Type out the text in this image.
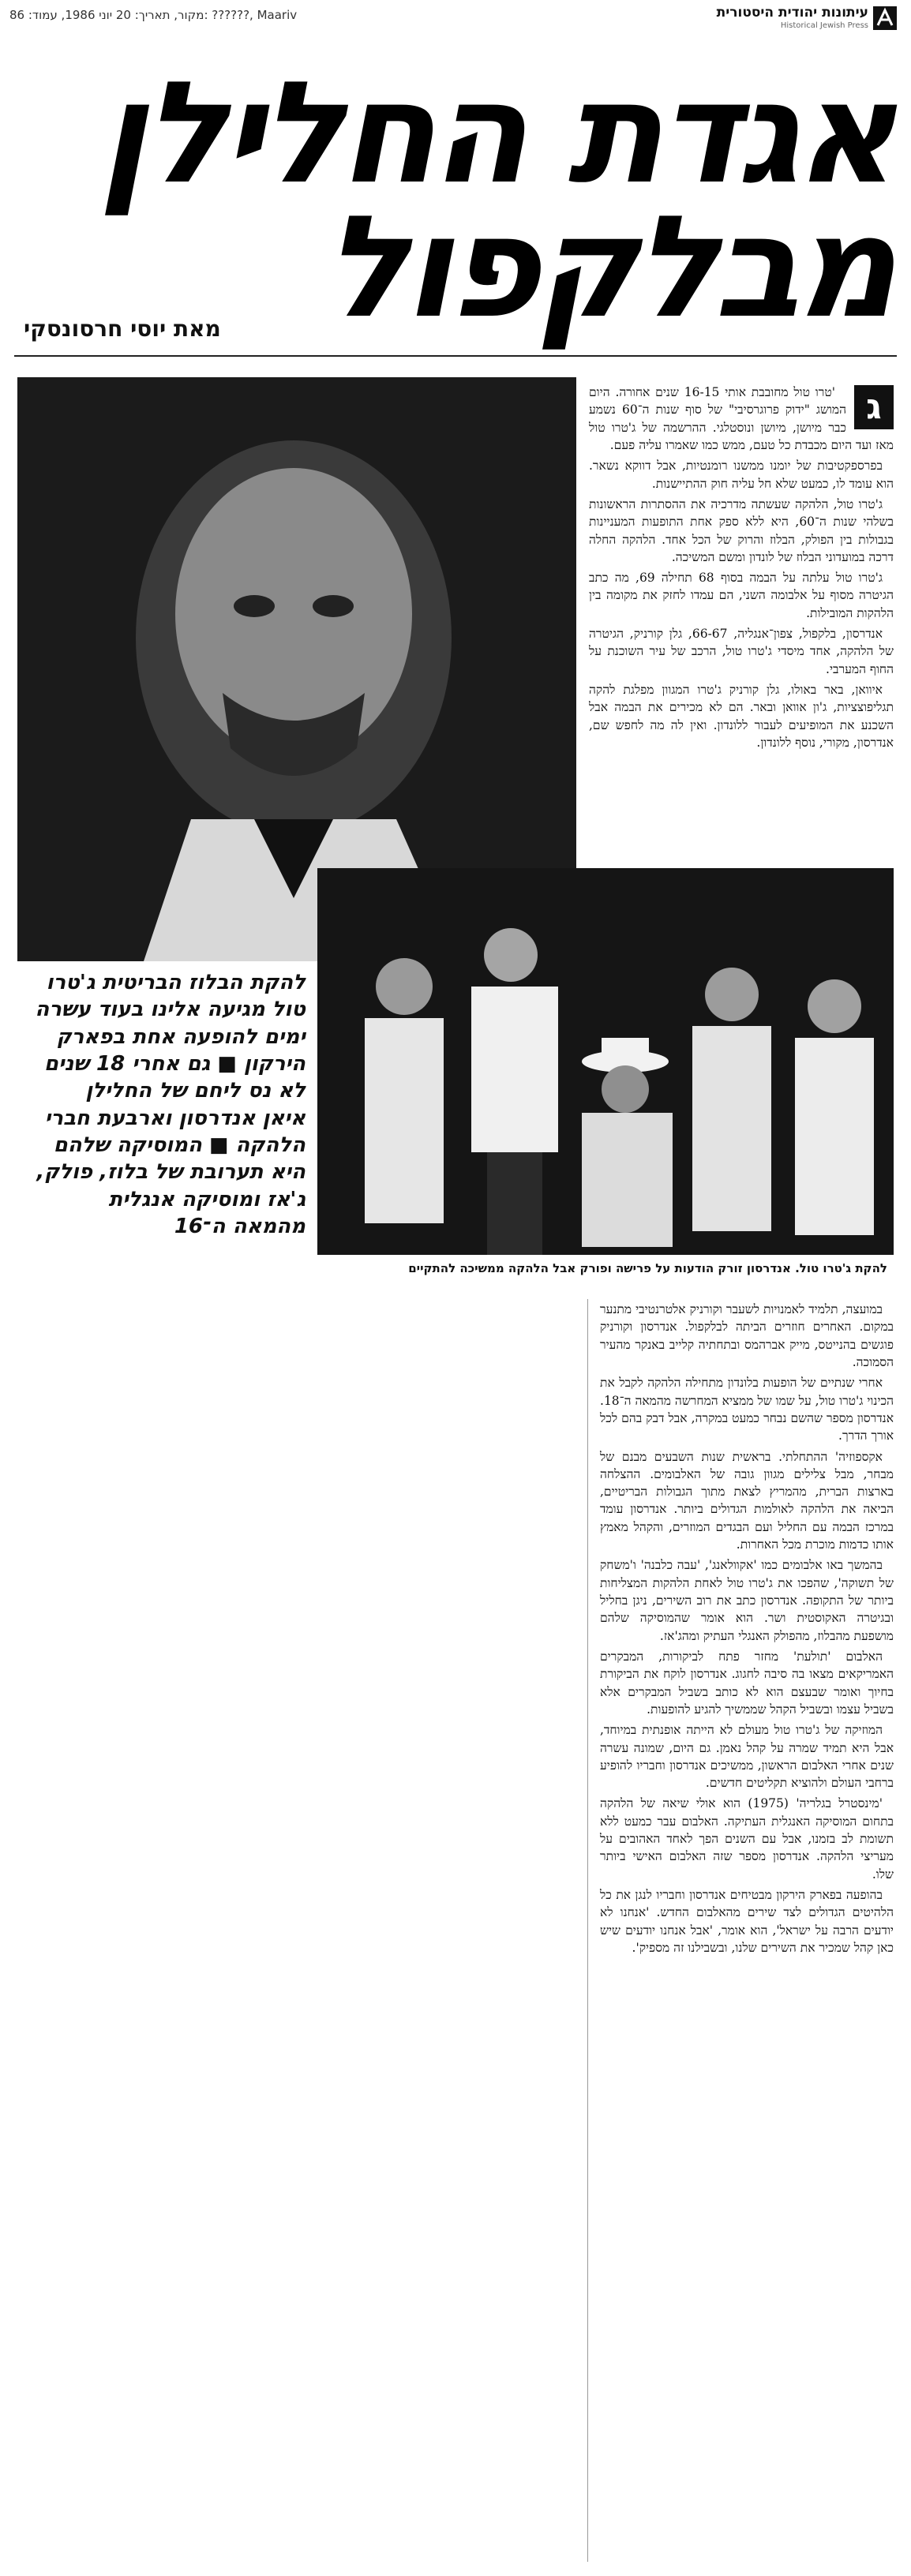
עיתונות יהודית היסטורית
Historical Jewish Press
Maariv ,?????? :מקור, תאריך: 20 יוני 1986, עמוד: 86
אגדת החלילן
מבלקפול
מאת יוסי חרסונסקי
ג

'טרו טול מחובבת אותי 16-15 שנים אחורה. היום המושג "ידוק פרוגרסיבי" של סוף שנות ה־60 נשמע כבר מיושן, מיושן ונוסטלגי. ההרשמה של ג'טרו טול מאז ועד היום מכבדת כל טעם, ממש כמו שאמרו עליה פעם.

בפרספקטיבות של יומנו ממשנו רומנטיות, אבל דווקא נשאר. הוא עומד לו, כמעט שלא חל עליה חוק ההתיישנות.

ג'טרו טול, הלהקה שעשתה מדרכיה את ההסתרות הראשונות בשלהי שנות ה־60, היא ללא ספק אחת התופעות המעניינות בגבולות בין הפולק, הבלוז והרוק של הכל אחד. הלהקה החלה דרכה במועדוני הבלוז של לונדון ומשם המשיכה.

ג'טרו טול עלתה על הבמה בסוף 68 תחילה 69, מה כתב הגיטרה מסוף על אלבומה השני, הם עמדו לחזק את מקומה בין הלהקות המובילות.

אנדרסון, בלקפול, צפון־אנגליה, 66-67, גלן קורניק, הגיטרה של הלהקה, אחד מיסדי ג'טרו טול, הרכב של עיר השוכנת על החוף המערבי.

איוואן, באר באולו, גלן קורניק ג'טרו המגוון מפלגת להקה תגליפוצציות, ג'ון אוואן ובאר. הם לא מכירים את הבמה אבל השכנע את המופיעים לעבור ללונדון. ואין לה מה לחפש שם, אנדרסון, מקורי, נוסף ללונדון.

להקת ג'טרו טול. אנדרסון זורק הודעות על פרישה ופורק אבל הלהקה ממשיכה להתקיים
להקת הבלוז הבריטית ג'טרו
טול מגיעה אלינו בעוד עשרה
ימים להופעה אחת בפארק
הירקון ■ גם אחרי 18 שנים
לא נס ליחם של החלילן
איאן אנדרסון וארבעת חברי
הלהקה ■ המוסיקה שלהם
היא תערובת של בלוז, פולק,
ג'אז ומוסיקה אנגלית
מהמאה ה־16

במועצה, תלמיד לאמנויות לשעבר וקורניק אלטרנטיבי מתנער במקום. האחרים חוזרים הביתה לבלקפול. אנדרסון וקורניק פוגשים בהנייטס, מייק אברהמס ובתחתיה קלייב באנקר מהעיר הסמוכה.

אחרי שנתיים של הופעות בלונדון מתחילה הלהקה לקבל את הכינוי ג'טרו טול, על שמו של ממציא המחרשה מהמאה ה־18. אנדרסון מספר שהשם נבחר כמעט במקרה, אבל דבק בהם לכל אורך הדרך.

אקספוזיה' ההתחלתי. בראשית שנות השבעים מבנם של מבחר, מבל צלילים מגוון גובה של האלבומים. ההצלחה בארצות הברית, מהמריץ לצאת מתוך הגבולות הבריטיים, הביאה את הלהקה לאולמות הגדולים ביותר. אנדרסון עומד במרכז הבמה עם החליל ועם הבגדים המוזרים, והקהל מאמץ אותו כדמות מוכרת מכל האחרות.

בהמשך באו אלבומים כמו 'אקוולאנג', 'עבה כלבנה' ו'משחק של תשוקה', שהפכו את ג'טרו טול לאחת הלהקות המצליחות ביותר של התקופה. אנדרסון כתב את רוב השירים, ניגן בחליל ובגיטרה האקוסטית ושר. הוא אומר שהמוסיקה שלהם מושפעת מהבלוז, מהפולק האנגלי העתיק ומהג'אז.

האלבום 'תולעת' מחזר פתח לביקורות, המבקרים האמריקאים מצאו בה סיבה לחגוג. אנדרסון לוקח את הביקורת בחיוך ואומר שבעצם הוא לא כותב בשביל המבקרים אלא בשביל עצמו ובשביל הקהל שממשיך להגיע להופעות.

המוזיקה של ג'טרו טול מעולם לא הייתה אופנתית במיוחד, אבל היא תמיד שמרה על קהל נאמן. גם היום, שמונה עשרה שנים אחרי האלבום הראשון, ממשיכים אנדרסון וחבריו להופיע ברחבי העולם ולהוציא תקליטים חדשים.

'מינסטרל בגלריה' (1975) הוא אולי שיאה של הלהקה בתחום המוסיקה האנגלית העתיקה. האלבום עבר כמעט ללא תשומת לב בזמנו, אבל עם השנים הפך לאחד האהובים על מעריצי הלהקה. אנדרסון מספר שזה האלבום האישי ביותר שלו.

בהופעה בפארק הירקון מבטיחים אנדרסון וחבריו לנגן את כל הלהיטים הגדולים לצד שירים מהאלבום החדש. 'אנחנו לא יודעים הרבה על ישראל', הוא אומר, 'אבל אנחנו יודעים שיש כאן קהל שמכיר את השירים שלנו, ובשבילנו זה מספיק'.
